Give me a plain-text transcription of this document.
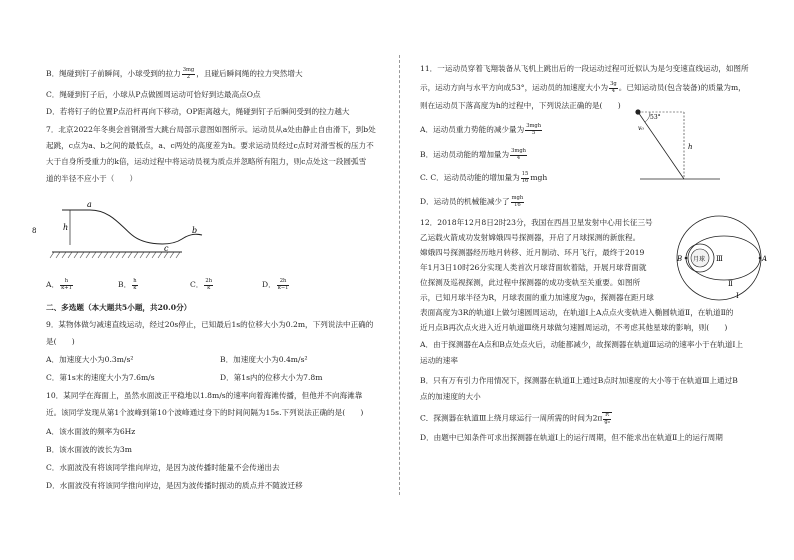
B．绳碰到钉子前瞬间，小球受到的拉力 $\frac{3mg}{2}$ ，且碰后瞬间绳的拉力突然增大
C．绳碰到钉子后，小球从P点做圆周运动可恰好到达最高点O点
D．若将钉子的位置P点沿杆再向下移动，OP距离越大，绳碰到钉子后瞬间受到的拉力越大
7．北京2022年冬奥会首钢滑雪大跳台局部示意图如图所示。运动员从a处由静止自由滑下，到b处
起跳，c点为a、b之间的最低点，a、c两处的高度差为h。要求运动员经过c点时对滑雪板的压力不
大于自身所受重力的k倍，运动过程中将运动员视为质点并忽略所有阻力，则c点处这一段圆弧雪
道的半径不应小于（　　）
8
a
h	b
c
A． $\frac{h}{k+1}$	B． $\frac{h}{k}$	C． $\frac{2h}{k}$	D． $\frac{2h}{k-1}$
二、多选题（本大题共5小题，共20.0分）
9．某物体做匀减速直线运动，经过20s停止，已知最后1s的位移大小为0.2m，下列说法中正确的
是(　　)
A．加速度大小为0.3m/s²	B．加速度大小为0.4m/s²
C．第1s末的速度大小为7.6m/s	D．第1s内的位移大小为7.8m
10．某同学在海面上，虽然水面波正平稳地以1.8m/s的速率向着海滩传播，但他并不向海滩靠
近。该同学发现从第1个波峰到第10个波峰通过身下的时间间隔为15s.下列说法正确的是(　　)
A．该水面波的频率为6Hz
B．该水面波的波长为3m
C．水面波没有将该同学推向岸边，是因为波传播时能量不会传递出去
D．水面波没有将该同学推向岸边，是因为波传播时振动的质点并不随波迁移
11．一运动员穿着飞翔装备从飞机上跳出后的一段运动过程可近似认为是匀变速直线运动，如图所
示，运动方向与水平方向成53°，运动员的加速度大小为 $\frac{3g}{4}$ 。已知运动员(包含装备)的质量为m，
则在运动员下落高度为h的过程中，下列说法正确的是(　　)
A．运动员重力势能的减少量为 $\frac{\text{3mgh}}{5}$
B．运动员动能的增加量为 $\frac{\text{3mgh}}{4}$
C. C．运动员动能的增加量为 $\frac{15}{16}$ mgh
D．运动员的机械能减少了 $\frac{\text{mgh}}{16}$
53°
v₀
h
12．2018年12月8日2时23分，我国在西昌卫星发射中心用长征三号
乙运载火箭成功发射嫦娥四号探测器，开启了月球探测的新旅程。
嫦娥四号探测器经历地月转移、近月制动、环月飞行，最终于2019
年1月3日10时26分实现人类首次月球背面软着陆，开展月球背面就
位探测及巡视探测，此过程中探测器的成功变轨至关重要。如图所
示，已知月球半径为R，月球表面的重力加速度为g₀，探测器在距月球
表面高度为3R的轨道Ⅰ上做匀速圆周运动，在轨道Ⅰ上A点点火变轨进入椭圆轨道Ⅱ，在轨道Ⅱ的
近月点B再次点火进入近月轨道Ⅲ绕月球做匀速圆周运动，不考虑其他星球的影响，则(　　)
B 月球 Ⅲ	A
Ⅱ
Ⅰ
A．由于探测器在A点和B点处点火后，动能都减少，故探测器在轨道Ⅲ运动的速率小于在轨道Ⅰ上
运动的速率
B．只有万有引力作用情况下，探测器在轨道Ⅱ上通过B点时加速度的大小等于在轨道Ⅲ上通过B
点的加速度的大小
C．探测器在轨道Ⅲ上绕月球运行一周所需的时间为$2\pi \frac{R}{\text{g₀}}$
D．由题中已知条件可求出探测器在轨道Ⅰ上的运行周期，但不能求出在轨道Ⅱ上的运行周期
